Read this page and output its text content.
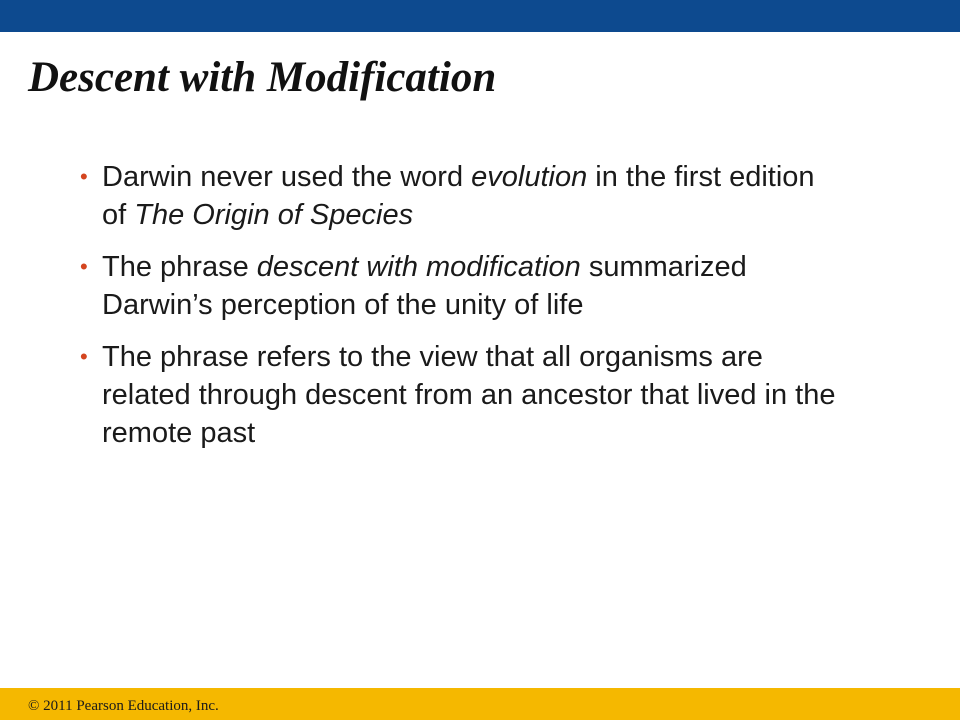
Descent with Modification
• Darwin never used the word evolution in the first edition of The Origin of Species
• The phrase descent with modification summarized Darwin’s perception of the unity of life
• The phrase refers to the view that all organisms are related through descent from an ancestor that lived in the remote past
© 2011 Pearson Education, Inc.
